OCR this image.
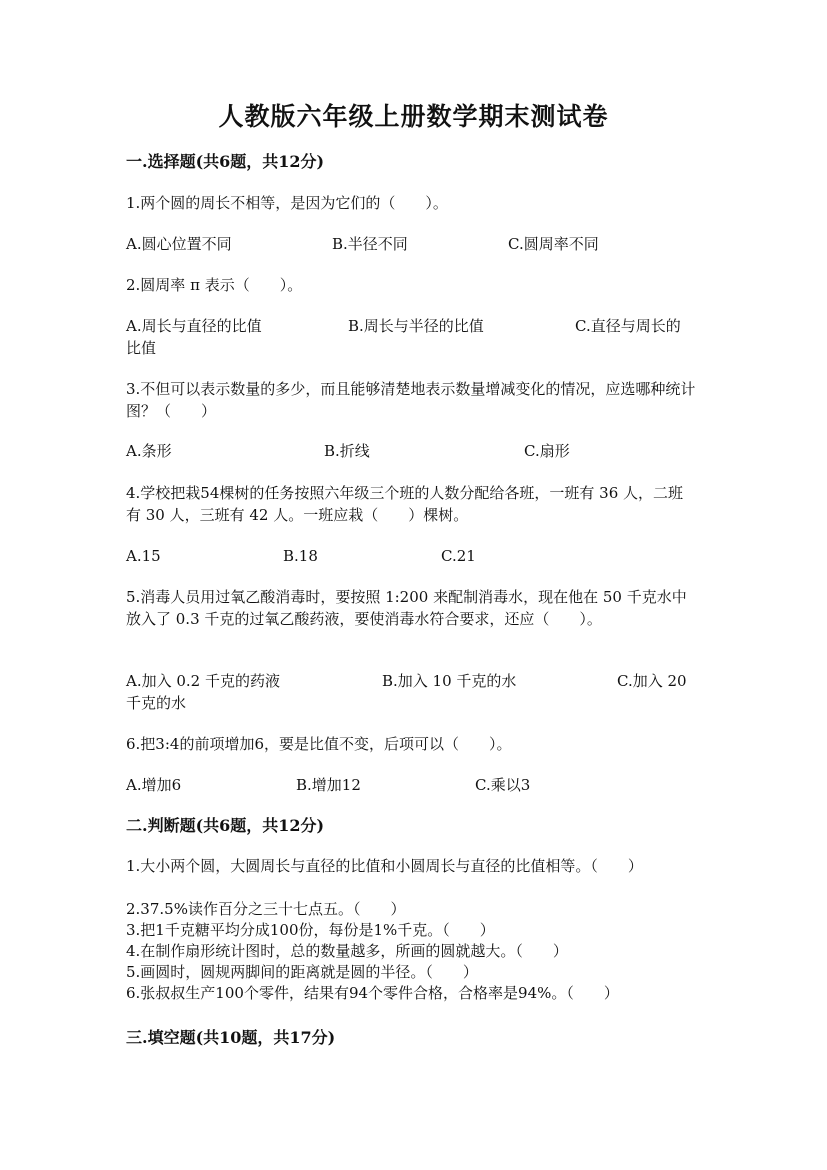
人教版六年级上册数学期末测试卷
一.选择题(共6题，共12分)
1.两个圆的周长不相等，是因为它们的（　　）。
A.圆心位置不同	B.半径不同	C.圆周率不同
2.圆周率 π 表示（　　）。
A.周长与直径的比值	B.周长与半径的比值	C.直径与周长的
比值
3.不但可以表示数量的多少，而且能够清楚地表示数量增减变化的情况，应选哪种统计图？（　　）
A.条形	B.折线	C.扇形
4.学校把栽54棵树的任务按照六年级三个班的人数分配给各班，一班有 36 人，二班有 30 人，三班有 42 人。一班应栽（　　）棵树。
A.15	B.18	C.21
5.消毒人员用过氧乙酸消毒时，要按照 1:200 来配制消毒水，现在他在 50 千克水中放入了 0.3 千克的过氧乙酸药液，要使消毒水符合要求，还应（　　）。
A.加入 0.2 千克的药液	B.加入 10 千克的水	C.加入 20
千克的水
6.把3:4的前项增加6，要是比值不变，后项可以（　　）。
A.增加6	B.增加12	C.乘以3
二.判断题(共6题，共12分)
1.大小两个圆，大圆周长与直径的比值和小圆周长与直径的比值相等。（　　）
2.37.5%读作百分之三十七点五。（　　）
3.把1千克糖平均分成100份，每份是1%千克。（　　）
4.在制作扇形统计图时，总的数量越多，所画的圆就越大。（　　）
5.画圆时，圆规两脚间的距离就是圆的半径。（　　）
6.张叔叔生产100个零件，结果有94个零件合格，合格率是94%。（　　）
三.填空题(共10题，共17分)
